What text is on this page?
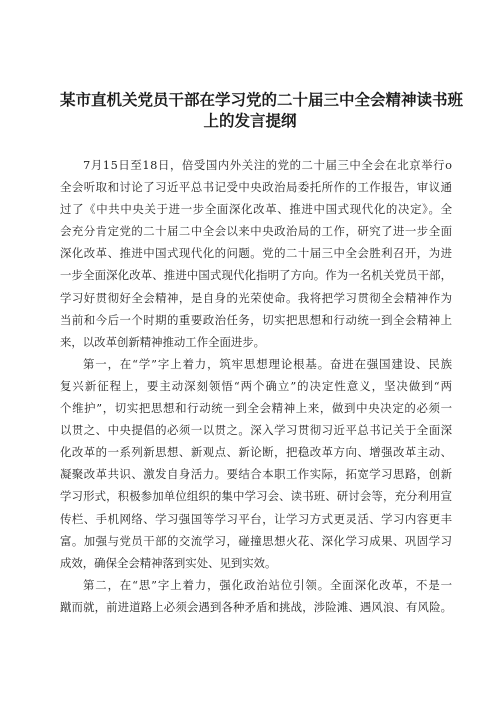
某市直机关党员干部在学习党的二十届三中全会精神读书班
上的发言提纲
7月15日至18日，倍受国内外关注的党的二十届三中全会在北京举行o
全会听取和讨论了习近平总书记受中央政治局委托所作的工作报告，审议通
过了《中共中央关于进一步全面深化改革、推进中国式现代化的决定》。全
会充分肯定党的二十届二中全会以来中央政治局的工作，研究了进一步全面
深化改革、推进中国式现代化的问题。党的二十届三中全会胜利召开，为进
一步全面深化改革、推进中国式现代化指明了方向。作为一名机关党员干部，
学习好贯彻好全会精神，是自身的光荣使命。我将把学习贯彻全会精神作为
当前和今后一个时期的重要政治任务，切实把思想和行动统一到全会精神上
来，以改革创新精神推动工作全面进步。
第一，在“学”字上着力，筑牢思想理论根基。奋进在强国建设、民族
复兴新征程上，要主动深刻领悟“两个确立”的决定性意义，坚决做到“两
个维护”，切实把思想和行动统一到全会精神上来，做到中央决定的必须一
以贯之、中央提倡的必须一以贯之。深入学习贯彻习近平总书记关于全面深
化改革的一系列新思想、新观点、新论断，把稳改革方向、增强改革主动、
凝聚改革共识、激发自身活力。要结合本职工作实际，拓宽学习思路，创新
学习形式，积极参加单位组织的集中学习会、读书班、研讨会等，充分利用宣
传栏、手机网络、学习强国等学习平台，让学习方式更灵活、学习内容更丰
富。加强与党员干部的交流学习，碰撞思想火花、深化学习成果、巩固学习
成效，确保全会精神落到实处、见到实效。
第二，在“思”字上着力，强化政治站位引领。全面深化改革，不是一
蹴而就，前进道路上必须会遇到各种矛盾和挑战，涉险滩、遇风浪、有风险。
